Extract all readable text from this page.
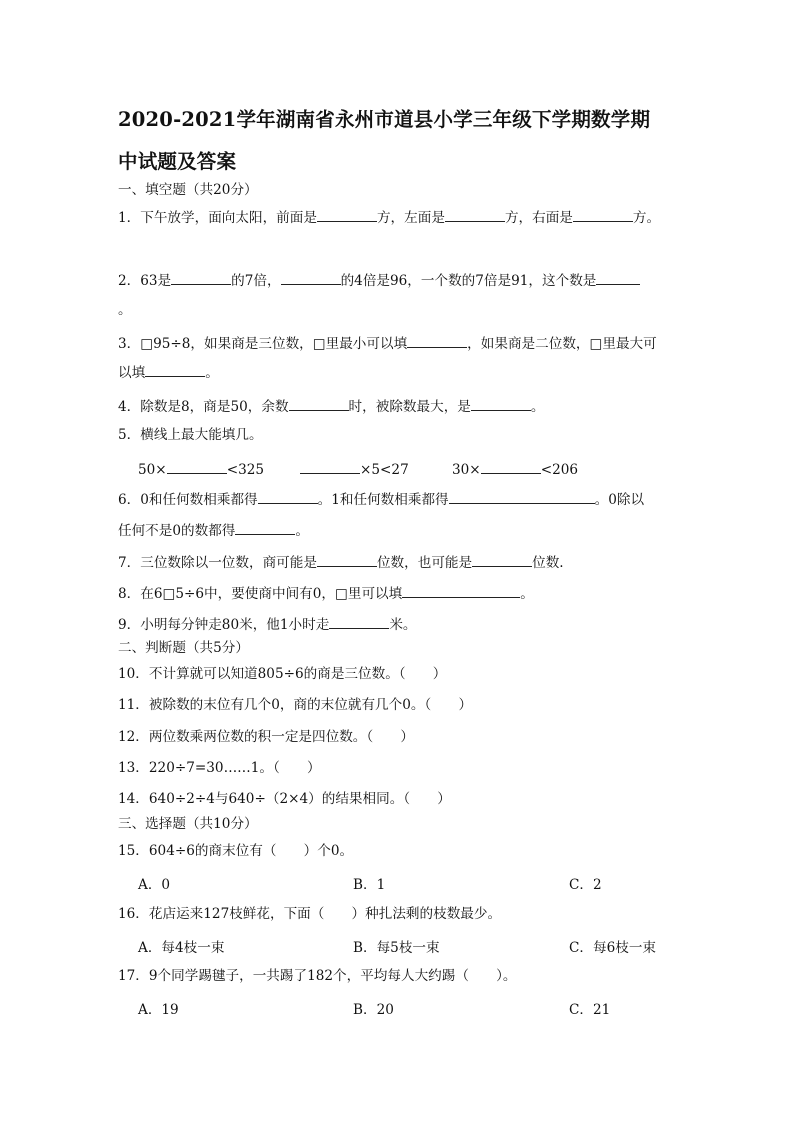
2020-2021学年湖南省永州市道县小学三年级下学期数学期
中试题及答案
一、填空题（共20分）
1．下午放学，面向太阳，前面是	方，左面是	方，右面是	方。
2．63是	的7倍，	的4倍是96，一个数的7倍是91，这个数是
。
3．□95÷8，如果商是三位数，□里最小可以填	，如果商是二位数，□里最大可
以填	。
4．除数是8，商是50，余数	时，被除数最大，是	。
5．横线上最大能填几。
50×	<325	×5<27	30×	<206
6．0和任何数相乘都得	。1和任何数相乘都得	。0除以
任何不是0的数都得	。
7．三位数除以一位数，商可能是	位数，也可能是	位数.
8．在6□5÷6中，要使商中间有0，□里可以填	。
9．小明每分钟走80米，他1小时走	米。
二、判断题（共5分）
10．不计算就可以知道805÷6的商是三位数。（　　）
11．被除数的末位有几个0，商的末位就有几个0。（　　）
12．两位数乘两位数的积一定是四位数。（　　）
13．220÷7=30……1。（　　）
14．640÷2÷4与640÷（2×4）的结果相同。（　　）
三、选择题（共10分）
15．604÷6的商末位有（　　）个0。
A．0	B．1	C．2
16．花店运来127枝鲜花，下面（　　）种扎法剩的枝数最少。
A．每4枝一束	B．每5枝一束	C．每6枝一束
17．9个同学踢毽子，一共踢了182个，平均每人大约踢（　　）。
A．19	B．20	C．21
